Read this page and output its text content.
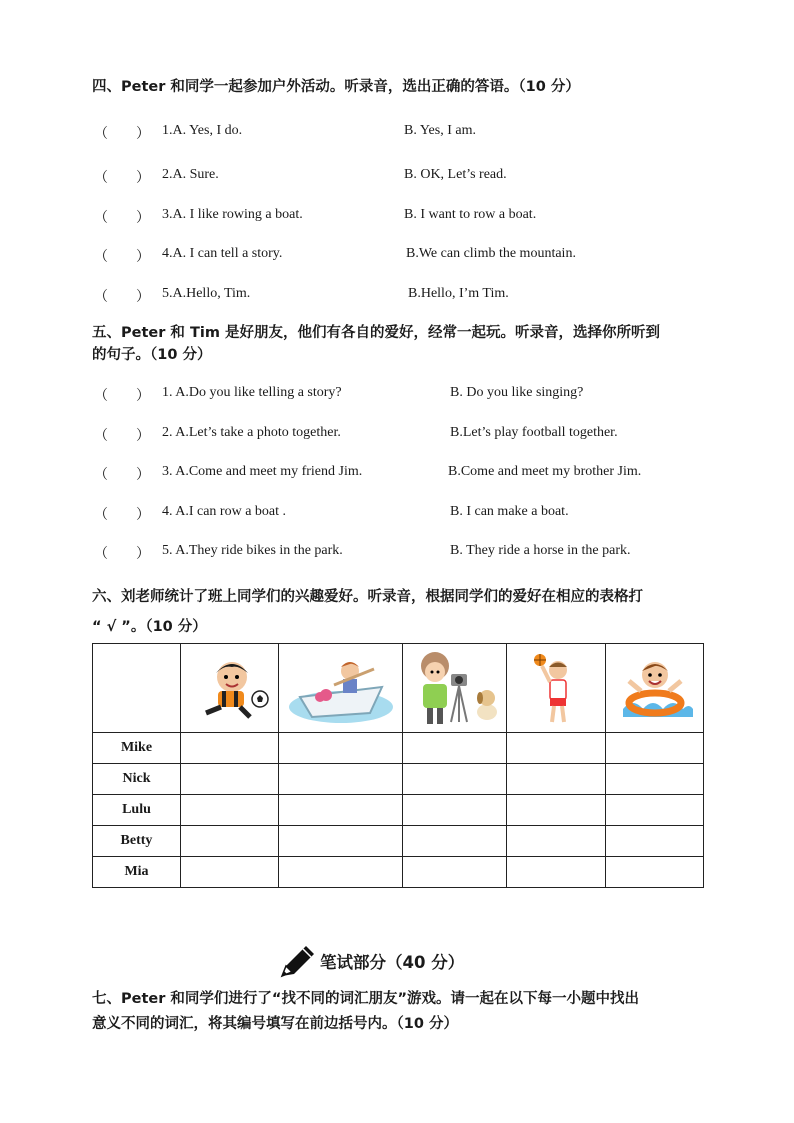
四、Peter 和同学一起参加户外活动。听录音，选出正确的答语。（10 分）
（　　） 1.A. Yes, I do.	B. Yes, I am.
（　　） 2.A. Sure.	B. OK, Let’s read.
（　　） 3.A. I like rowing a boat.	B. I want to row a boat.
（　　） 4.A. I can tell a story.	B.We can climb the mountain.
（　　） 5.A.Hello, Tim.	B.Hello, I’m Tim.
五、Peter 和 Tim 是好朋友，他们有各自的爱好，经常一起玩。听录音，选择你所听到
的句子。（10 分）
（　　） 1. A.Do you like telling a story?	B. Do you like singing?
（　　） 2. A.Let’s take a photo together.	B.Let’s play football together.
（　　） 3. A.Come and meet my friend Jim.	B.Come and meet my brother Jim.
（　　） 4. A.I can row a boat .	B. I can make a boat.
（　　） 5. A.They ride bikes in the park.	B. They ride a horse in the park.
六、刘老师统计了班上同学们的兴趣爱好。听录音，根据同学们的爱好在相应的表格打
“ √ ”。（10 分）

Mike					
Nick					
Lulu					
Betty					
Mia					
笔试部分（40 分）
七、Peter 和同学们进行了“找不同的词汇朋友”游戏。请一起在以下每一小题中找出
意义不同的词汇，将其编号填写在前边括号内。（10 分）
